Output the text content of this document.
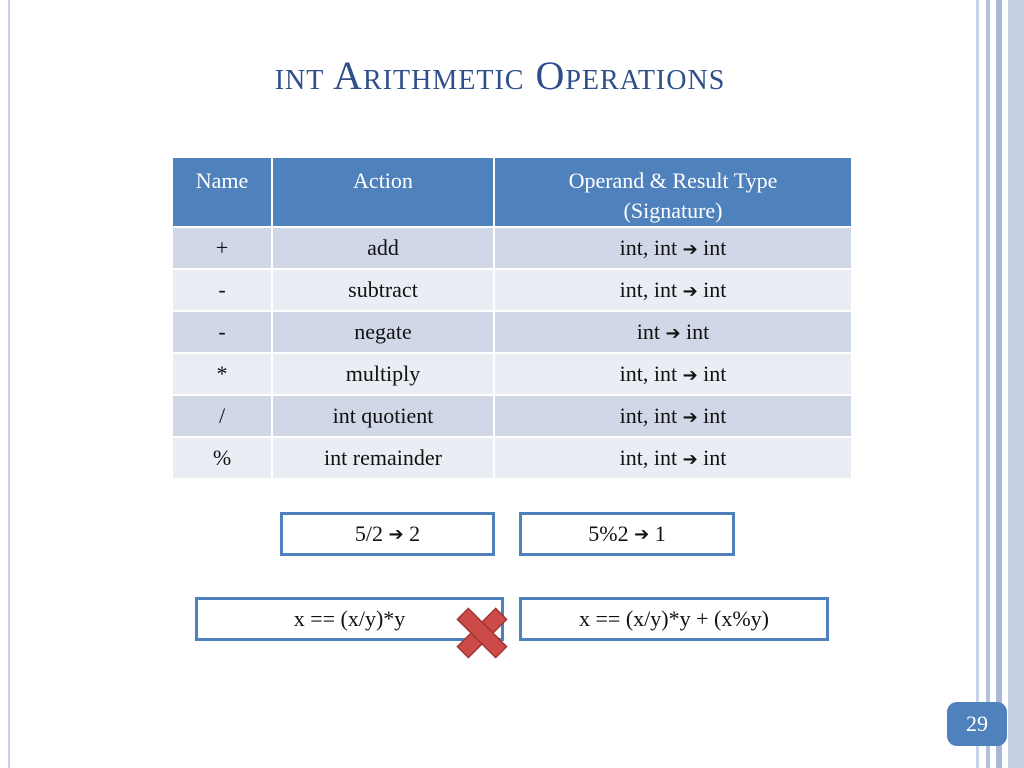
int Arithmetic Operations
Name	Action	Operand & Result Type
(Signature)

+	add	int, int ➔ int
-	subtract	int, int ➔ int
-	negate	int ➔ int
*	multiply	int, int ➔ int
/	int quotient	int, int ➔ int
%	int remainder	int, int ➔ int
5/2
➔
2	5%2
➔
1
x == (x/y)*y	x == (x/y)*y + (x%y)
29
